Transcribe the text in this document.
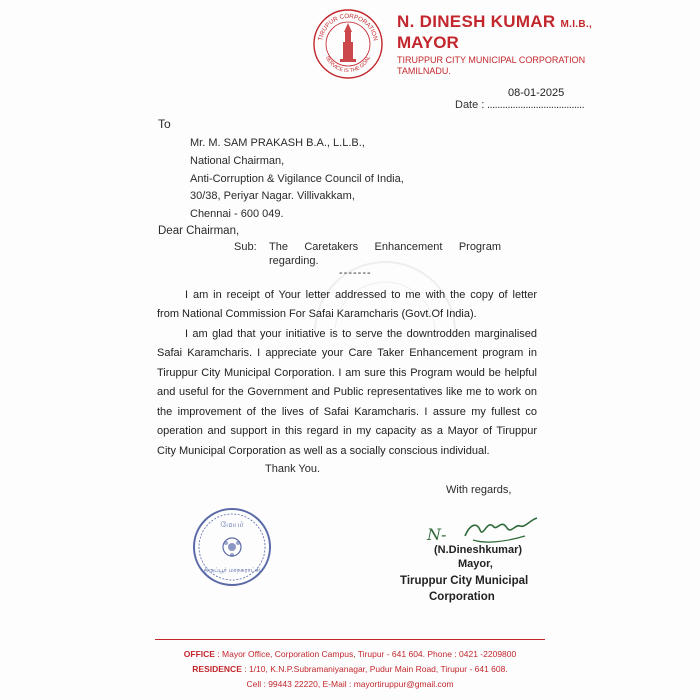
TIRUPUR CORPORATION
SERVICE IS THE GOAL
N. DINESH KUMAR M.I.B.,
MAYOR
TIRUPPUR CITY MUNICIPAL CORPORATION
TAMILNADU.
08-01-2025
Date : ......................................
To
Mr. M. SAM PRAKASH B.A., L.L.B.,
National Chairman,
Anti-Corruption & Vigilance Council of India,
30/38, Periyar Nagar. Villivakkam,
Chennai - 600 049.
Dear Chairman,
Sub: The Caretakers Enhancement Program
regarding.
-------
I am in receipt of Your letter addressed to me with the copy of letter
from National Commission For Safai Karamcharis (Govt.Of India).
I am glad that your initiative is to serve the downtrodden marginalised
Safai Karamcharis. I appreciate your Care Taker Enhancement program in
Tiruppur City Municipal Corporation. I am sure this Program would be helpful
and useful for the Government and Public representatives like me to work on
the improvement of the lives of Safai Karamcharis. I assure my fullest co
operation and support in this regard in my capacity as a Mayor of Tiruppur
City Municipal Corporation as well as a socially conscious individual.
Thank You.
With regards,
மேயர்
திருப்பூர் மாநகராட்சி
N-
(N.Dineshkumar)
Mayor,
Tiruppur City Municipal
Corporation
OFFICE : Mayor Office, Corporation Campus, Tirupur - 641 604. Phone : 0421 -2209800
RESIDENCE : 1/10, K.N.P.Subramaniyanagar, Pudur Main Road, Tirupur - 641 608.
Cell : 99443 22220, E-Mail : mayortiruppur@gmail.com
